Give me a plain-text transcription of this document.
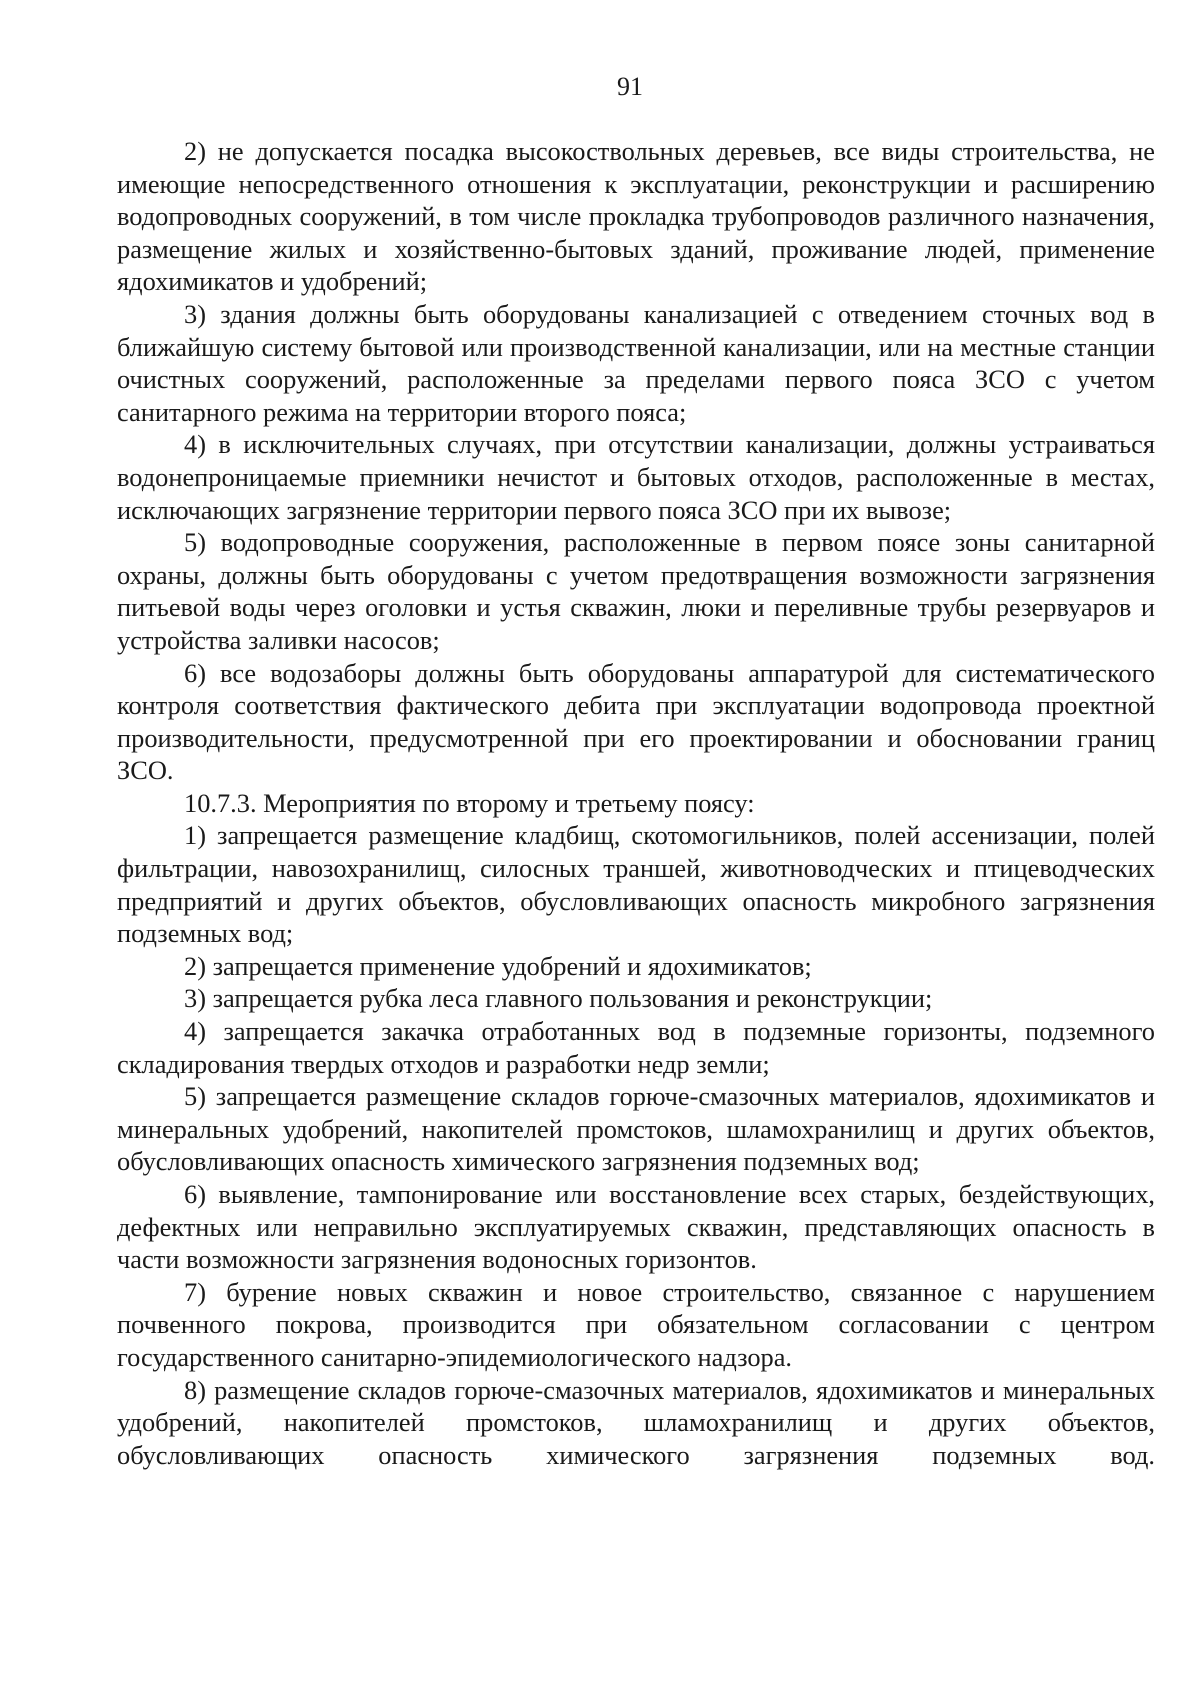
91

2) не допускается посадка высокоствольных деревьев, все виды строительства, не имеющие непосредственного отношения к эксплуатации, реконструкции и расширению водопроводных сооружений, в том числе прокладка трубопроводов различного назначения, размещение жилых и хозяйственно-бытовых зданий, проживание людей, применение ядохимикатов и удобрений;

3) здания должны быть оборудованы канализацией с отведением сточных вод в ближайшую систему бытовой или производственной канализации, или на местные станции очистных сооружений, расположенные за пределами первого пояса ЗСО с учетом санитарного режима на территории второго пояса;

4) в исключительных случаях, при отсутствии канализации, должны устраиваться водонепроницаемые приемники нечистот и бытовых отходов, расположенные в местах, исключающих загрязнение территории первого пояса ЗСО при их вывозе;

5) водопроводные сооружения, расположенные в первом поясе зоны санитарной охраны, должны быть оборудованы с учетом предотвращения возможности загрязнения питьевой воды через оголовки и устья скважин, люки и переливные трубы резервуаров и устройства заливки насосов;

6) все водозаборы должны быть оборудованы аппаратурой для систематического контроля соответствия фактического дебита при эксплуатации водопровода проектной производительности, предусмотренной при его проектировании и обосновании границ ЗСО.

10.7.3. Мероприятия по второму и третьему поясу:

1) запрещается размещение кладбищ, скотомогильников, полей ассенизации, полей фильтрации, навозохранилищ, силосных траншей, животноводческих и птицеводческих предприятий и других объектов, обусловливающих опасность микробного загрязнения подземных вод;

2) запрещается применение удобрений и ядохимикатов;

3) запрещается рубка леса главного пользования и реконструкции;

4) запрещается закачка отработанных вод в подземные горизонты, подземного складирования твердых отходов и разработки недр земли;

5) запрещается размещение складов горюче-смазочных материалов, ядохимикатов и минеральных удобрений, накопителей промстоков, шламохранилищ и других объектов, обусловливающих опасность химического загрязнения подземных вод;

6) выявление, тампонирование или восстановление всех старых, бездействующих, дефектных или неправильно эксплуатируемых скважин, представляющих опасность в части возможности загрязнения водоносных горизонтов.

7) бурение новых скважин и новое строительство, связанное с нарушением почвенного покрова, производится при обязательном согласовании с центром государственного санитарно-эпидемиологического надзора.

8) размещение складов горюче-смазочных материалов, ядохимикатов и минеральных удобрений, накопителей промстоков, шламохранилищ и других объектов, обусловливающих опасность химического загрязнения подземных вод.
